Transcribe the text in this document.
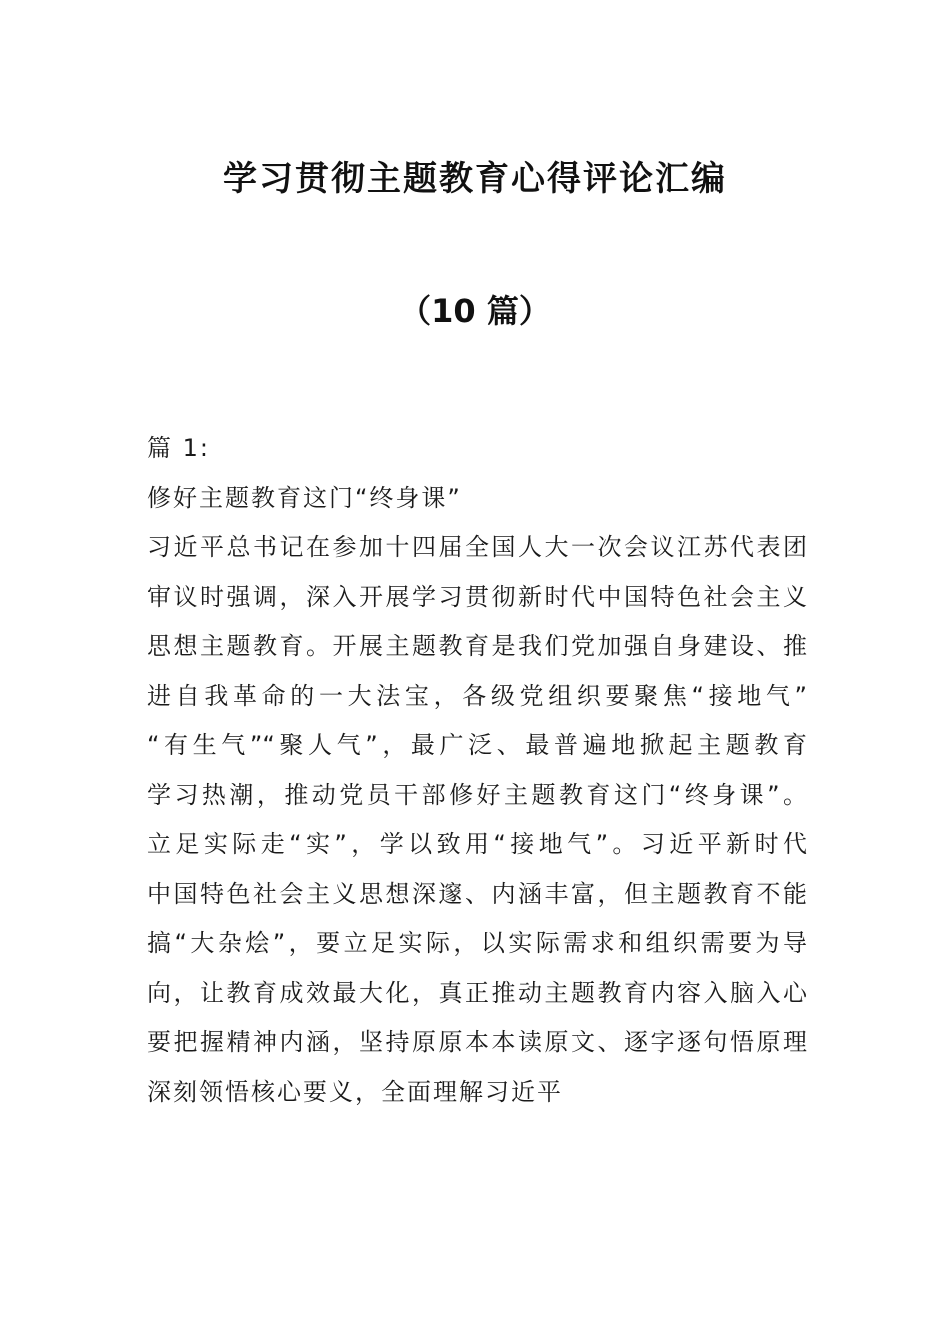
学习贯彻主题教育心得评论汇编
（10 篇）
篇 1:
修好主题教育这门“终身课”
习近平总书记在参加十四届全国人大一次会议江苏代表团
审议时强调，深入开展学习贯彻新时代中国特色社会主义
思想主题教育。开展主题教育是我们党加强自身建设、推
进自我革命的一大法宝，各级党组织要聚焦“接地气”
“有生气”“聚人气”，最广泛、最普遍地掀起主题教育
学习热潮，推动党员干部修好主题教育这门“终身课”。
立足实际走“实”，学以致用“接地气”。习近平新时代
中国特色社会主义思想深邃、内涵丰富，但主题教育不能
搞“大杂烩”，要立足实际，以实际需求和组织需要为导
向，让教育成效最大化，真正推动主题教育内容入脑入心
要把握精神内涵，坚持原原本本读原文、逐字逐句悟原理
深刻领悟核心要义，全面理解习近平
